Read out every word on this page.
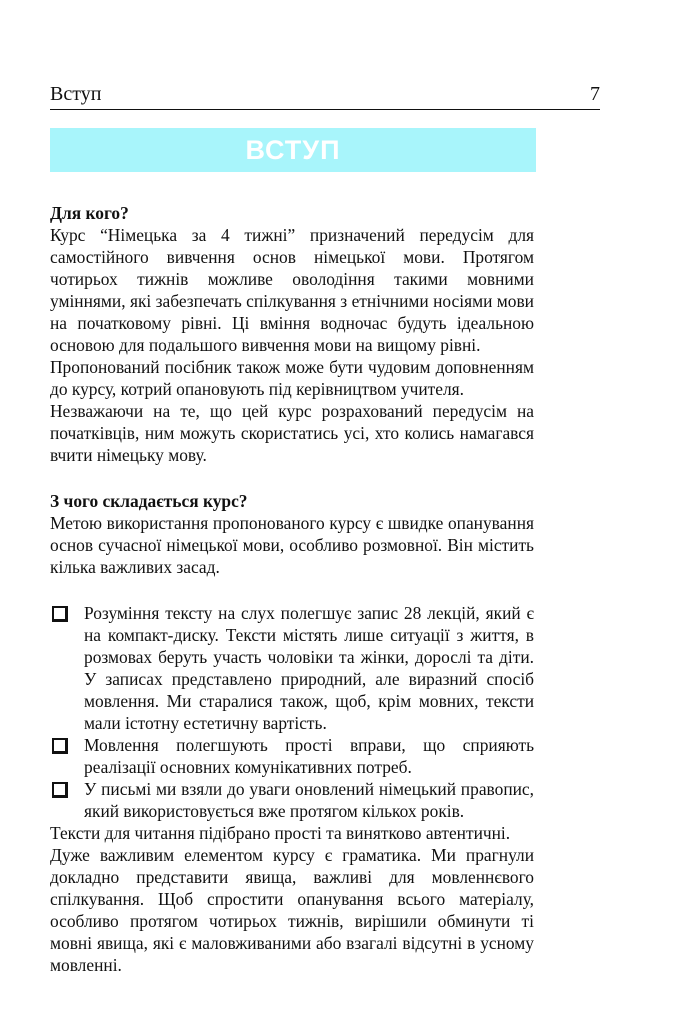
Вступ	7
ВСТУП

Для кого?

Курс “Німецька за 4 тижні” призначений передусім для самостійного вивчення основ німецької мови. Протягом чотирьох тижнів можливе оволодіння такими мовними уміннями, які забезпечать спілкування з етнічними носіями мови на початковому рівні. Ці вміння водночас будуть ідеальною основою для подальшого вивчення мови на вищому рівні.

Пропонований посібник також може бути чудовим доповненням до курсу, котрий опановують під керівництвом учителя.

Незважаючи на те, що цей курс розрахований передусім на початківців, ним можуть скористатись усі, хто колись намагався вчити німецьку мову.

З чого складається курс?

Метою використання пропонованого курсу є швидке опанування основ сучасної німецької мови, особливо розмовної. Він містить кілька важливих засад.

Розуміння тексту на слух полегшує запис 28 лекцій, який є на компакт-диску. Тексти містять лише ситуації з життя, в розмовах беруть участь чоловіки та жінки, дорослі та діти. У записах представлено природний, але виразний спосіб мовлення. Ми старалися також, щоб, крім мовних, тексти мали істотну естетичну вартість.
Мовлення полегшують прості вправи, що сприяють реалізації основних комунікативних потреб.
У письмі ми взяли до уваги оновлений німецький правопис, який використовується вже протягом кількох років.

Тексти для читання підібрано прості та винятково автентичні.

Дуже важливим елементом курсу є граматика. Ми прагнули докладно представити явища, важливі для мовленнєвого спілкування. Щоб спростити опанування всього матеріалу, особливо протягом чотирьох тижнів, вирішили обминути ті мовні явища, які є маловживаними або взагалі відсутні в усному мовленні.
